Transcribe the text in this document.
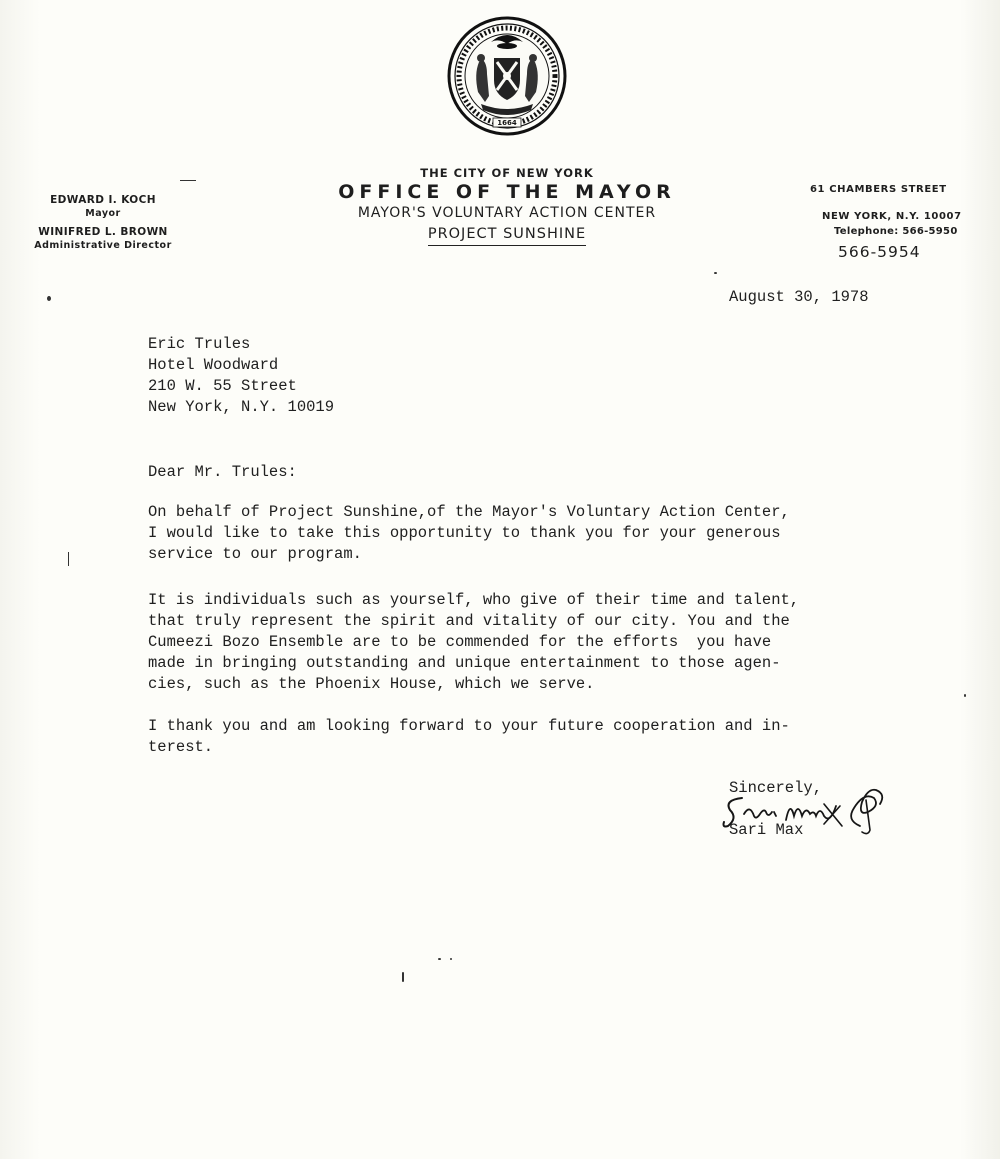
1664
THE CITY OF NEW YORK
OFFICE OF THE MAYOR
MAYOR'S VOLUNTARY ACTION CENTER
PROJECT SUNSHINE
EDWARD I. KOCH
Mayor
WINIFRED L. BROWN
Administrative Director
61 CHAMBERS STREET
NEW YORK, N.Y. 10007
Telephone: 566-5950
566-5954
August 30, 1978
Eric Trules
Hotel Woodward
210 W. 55 Street
New York, N.Y. 10019
Dear Mr. Trules:
On behalf of Project Sunshine,of the Mayor's Voluntary Action Center,
I would like to take this opportunity to thank you for your generous
service to our program.
It is individuals such as yourself, who give of their time and talent,
that truly represent the spirit and vitality of our city. You and the
Cumeezi Bozo Ensemble are to be commended for the efforts  you have
made in bringing outstanding and unique entertainment to those agen-
cies, such as the Phoenix House, which we serve.
I thank you and am looking forward to your future cooperation and in-
terest.
Sincerely,
Sari Max
